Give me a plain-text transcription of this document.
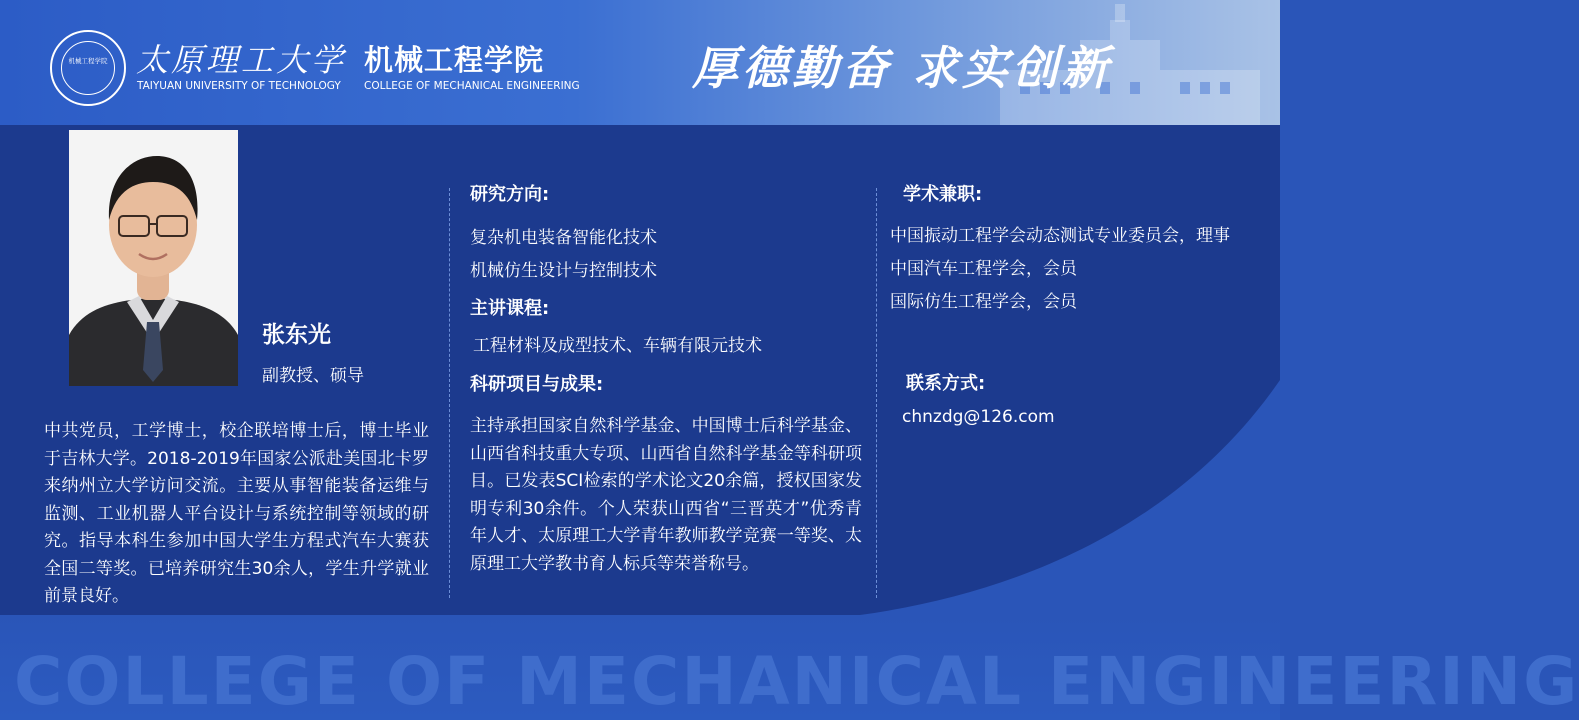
机械工程学院 太原理工大学
TAIYUAN UNIVERSITY OF TECHNOLOGY
机械工程学院
COLLEGE OF MECHANICAL ENGINEERING 厚德勤奋 求实创新
COLLEGE OF MECHANICAL ENGINEERING
张东光
副教授、硕导
中共党员，工学博士，校企联培博士后，博士毕业于吉林大学。2018-2019年国家公派赴美国北卡罗来纳州立大学访问交流。主要从事智能装备运维与监测、工业机器人平台设计与系统控制等领域的研究。指导本科生参加中国大学生方程式汽车大赛获全国二等奖。已培养研究生30余人，学生升学就业前景良好。
研究方向:
复杂机电装备智能化技术
机械仿生设计与控制技术
主讲课程:
工程材料及成型技术、车辆有限元技术
科研项目与成果:
主持承担国家自然科学基金、中国博士后科学基金、山西省科技重大专项、山西省自然科学基金等科研项目。已发表SCI检索的学术论文20余篇，授权国家发明专利30余件。个人荣获山西省“三晋英才”优秀青年人才、太原理工大学青年教师教学竞赛一等奖、太原理工大学教书育人标兵等荣誉称号。
学术兼职:
中国振动工程学会动态测试专业委员会，理事
中国汽车工程学会，会员
国际仿生工程学会，会员
联系方式:
chnzdg@126.com
